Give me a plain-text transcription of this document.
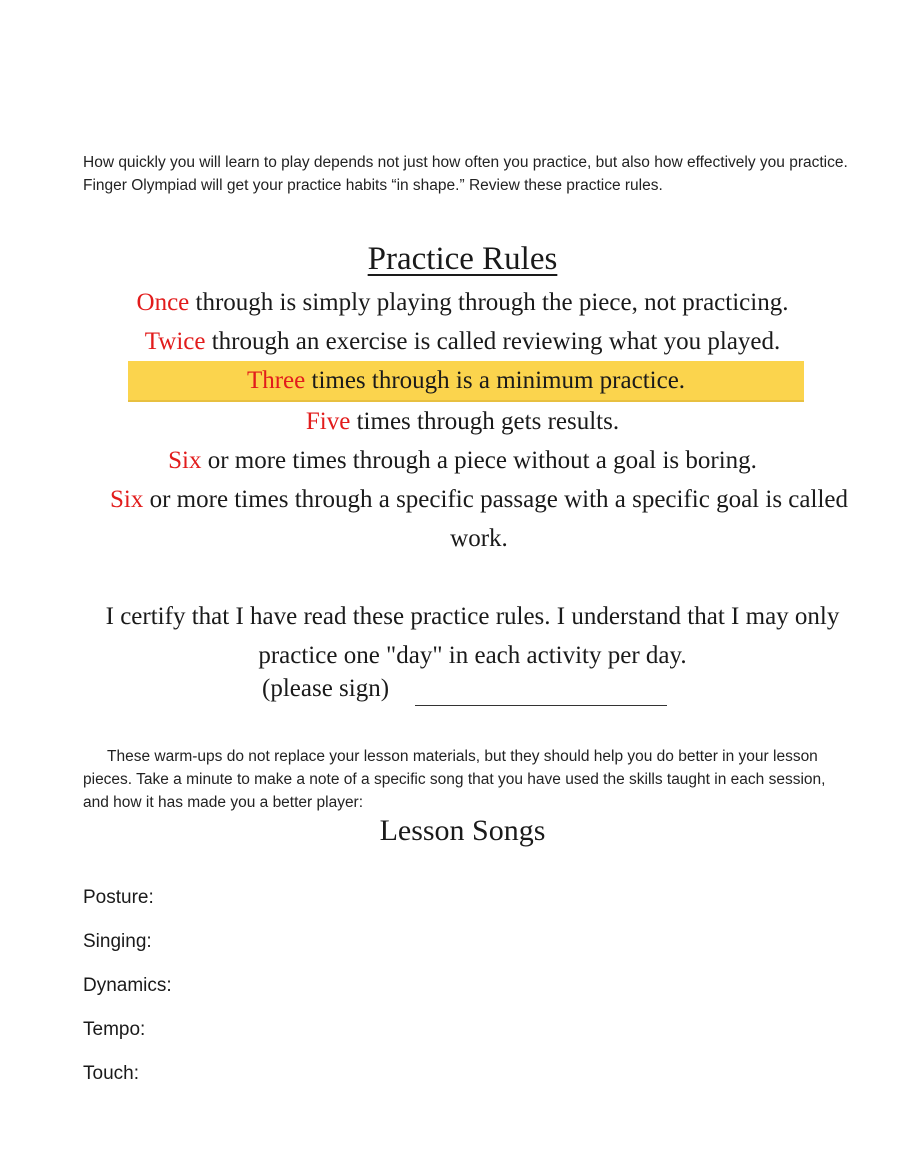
How quickly you will learn to play depends not just how often you practice, but also how effectively you practice. Finger Olympiad will get your practice habits “in shape.” Review these practice rules.

Practice Rules
Once through is simply playing through the piece, not practicing.
Twice through an exercise is called reviewing what you played.
Three times through is a minimum practice.
Five times through gets results.
Six or more times through a piece without a goal is boring.
Six or more times through a specific passage with a specific goal is called work.
I certify that I have read these practice rules. I understand that I may only practice one "day" in each activity per day.
(please sign)

These warm-ups do not replace your lesson materials, but they should help you do better in your lesson pieces. Take a minute to make a note of a specific song that you have used the skills taught in each session, and how it has made you a better player:

Lesson Songs
Posture:
Singing:
Dynamics:
Tempo:
Touch:
